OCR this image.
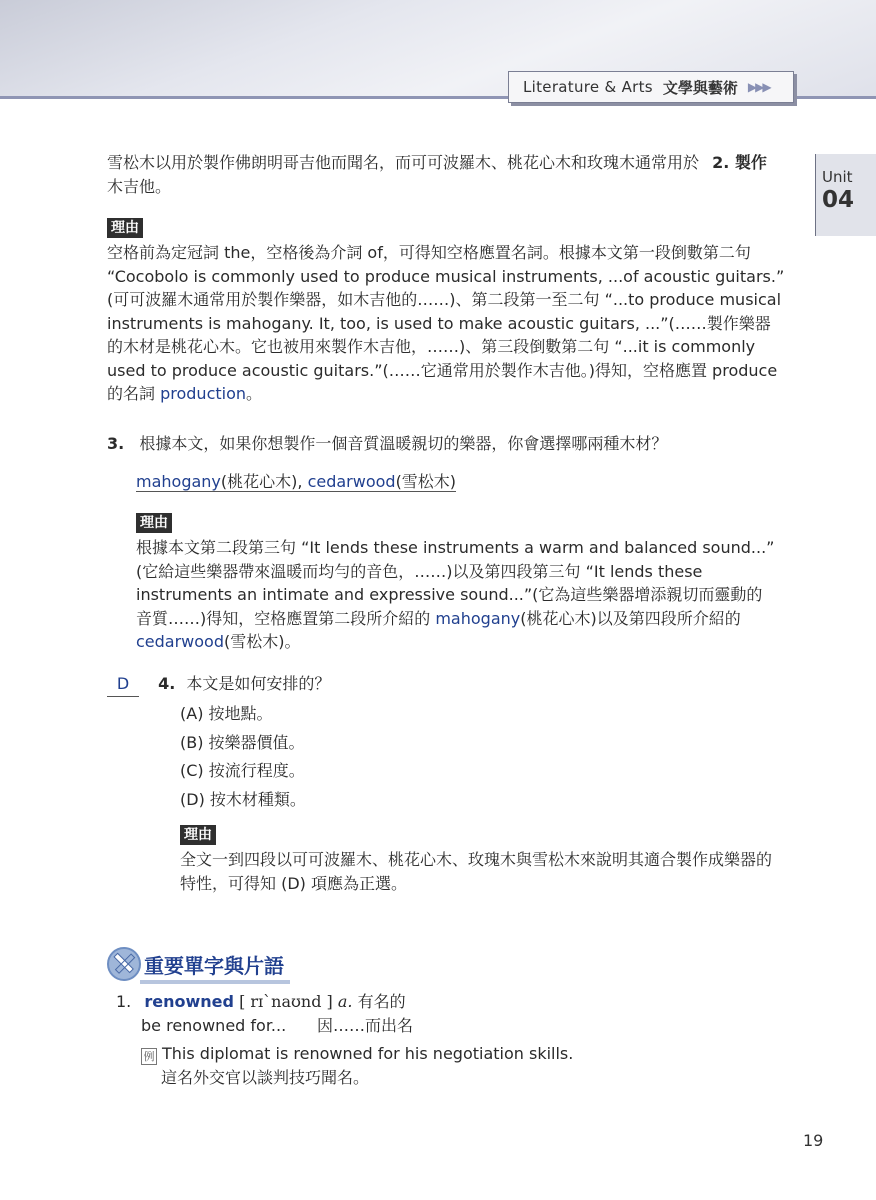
Literature & Arts 文學與藝術 ▶▶▶
Unit
04
雪松木以用於製作佛朗明哥吉他而聞名，而可可波羅木、桃花心木和玫瑰木通常用於 2. 製作
木吉他。
理由
空格前為定冠詞 the，空格後為介詞 of，可得知空格應置名詞。根據本文第一段倒數第二句
“Cocobolo is commonly used to produce musical instruments, ...of acoustic guitars.”
(可可波羅木通常用於製作樂器，如木吉他的……)、第二段第一至二句 “...to produce musical
instruments is mahogany. It, too, is used to make acoustic guitars, ...”(……製作樂器
的木材是桃花心木。它也被用來製作木吉他，……)、第三段倒數第二句 “...it is commonly
used to produce acoustic guitars.”(……它通常用於製作木吉他。)得知，空格應置 produce
的名詞 production。
3. 根據本文，如果你想製作一個音質溫暖親切的樂器，你會選擇哪兩種木材？
mahogany(桃花心木), cedarwood(雪松木)
理由
根據本文第二段第三句 “It lends these instruments a warm and balanced sound...”
(它給這些樂器帶來溫暖而均勻的音色，……)以及第四段第三句 “It lends these
instruments an intimate and expressive sound...”(它為這些樂器增添親切而靈動的
音質……)得知，空格應置第二段所介紹的 mahogany(桃花心木)以及第四段所介紹的
cedarwood(雪松木)。
D 4. 本文是如何安排的？
(A) 按地點。
(B) 按樂器價值。
(C) 按流行程度。
(D) 按木材種類。
理由
全文一到四段以可可波羅木、桃花心木、玫瑰木與雪松木來說明其適合製作成樂器的
特性，可得知 (D) 項應為正選。
重要單字與片語
1. renowned [ rɪˋnaʊnd ] a. 有名的
be renowned for... 因……而出名
例 This diplomat is renowned for his negotiation skills.
這名外交官以談判技巧聞名。
19
